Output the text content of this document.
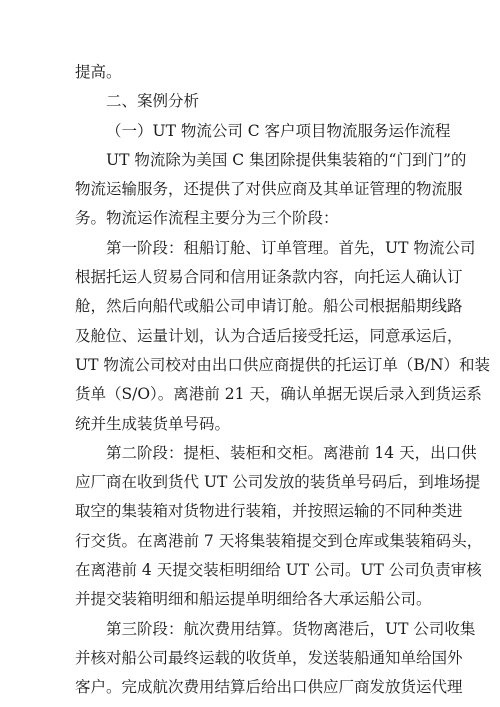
提高。
二、案例分析
（一）UT 物流公司 C 客户项目物流服务运作流程
UT 物流除为美国 C 集团除提供集装箱的“门到门”的
物流运输服务，还提供了对供应商及其单证管理的物流服
务。物流运作流程主要分为三个阶段：
第一阶段：租船订舱、订单管理。首先，UT 物流公司
根据托运人贸易合同和信用证条款内容，向托运人确认订
舱，然后向船代或船公司申请订舱。船公司根据船期线路
及舱位、运量计划，认为合适后接受托运，同意承运后，
UT 物流公司校对由出口供应商提供的托运订单（B/N）和装
货单（S/O）。离港前 21 天，确认单据无误后录入到货运系
统并生成装货单号码。
第二阶段：提柜、装柜和交柜。离港前 14 天，出口供
应厂商在收到货代 UT 公司发放的装货单号码后，到堆场提
取空的集装箱对货物进行装箱，并按照运输的不同种类进
行交货。在离港前 7 天将集装箱提交到仓库或集装箱码头，
在离港前 4 天提交装柜明细给 UT 公司。UT 公司负责审核
并提交装箱明细和船运提单明细给各大承运船公司。
第三阶段：航次费用结算。货物离港后，UT 公司收集
并核对船公司最终运载的收货单，发送装船通知单给国外
客户。完成航次费用结算后给出口供应厂商发放货运代理
